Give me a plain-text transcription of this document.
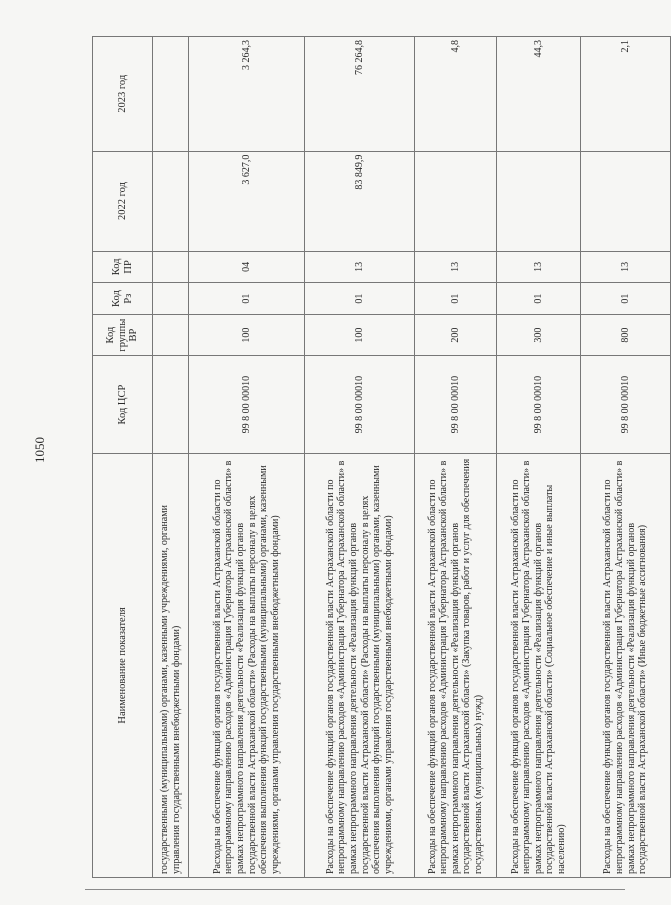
1050
Наименование показателя	Код ЦСР	Код группы ВР	Код Рз	Код ПР	2022 год	2023 год
государственными (муниципальными) органами, казенными учреждениями, органами управления государственными внебюджетными фондами)						
Расходы на обеспечение функций органов государственной власти Астраханской области по непрограммному направлению расходов «Администрация Губернатора Астраханской области» в рамках непрограммного направления деятельности «Реализация функций органов государственной власти Астраханской области» (Расходы на выплаты персоналу в целях обеспечения выполнения функций государственными (муниципальными) органами, казенными учреждениями, органами управления государственными внебюджетными фондами)	99 8 00 00010	100	01	04	3 627,0	3 264,3
Расходы на обеспечение функций органов государственной власти Астраханской области по непрограммному направлению расходов «Администрация Губернатора Астраханской области» в рамках непрограммного направления деятельности «Реализация функций органов государственной власти Астраханской области» (Расходы на выплаты персоналу в целях обеспечения выполнения функций государственными (муниципальными) органами, казенными учреждениями, органами управления государственными внебюджетными фондами)	99 8 00 00010	100	01	13	83 849,9	76 264,8
Расходы на обеспечение функций органов государственной власти Астраханской области по непрограммному направлению расходов «Администрация Губернатора Астраханской области» в рамках непрограммного направления деятельности «Реализация функций органов государственной власти Астраханской области» (Закупка товаров, работ и услуг для обеспечения государственных (муниципальных) нужд)	99 8 00 00010	200	01	13		4,8
Расходы на обеспечение функций органов государственной власти Астраханской области по непрограммному направлению расходов «Администрация Губернатора Астраханской области» в рамках непрограммного направления деятельности «Реализация функций органов государственной власти Астраханской области» (Социальное обеспечение и иные выплаты населению)	99 8 00 00010	300	01	13		44,3
Расходы на обеспечение функций органов государственной власти Астраханской области по непрограммному направлению расходов «Администрация Губернатора Астраханской области» в рамках непрограммного направления деятельности «Реализация функций органов государственной власти Астраханской области» (Иные бюджетные ассигнования)	99 8 00 00010	800	01	13		2,1
